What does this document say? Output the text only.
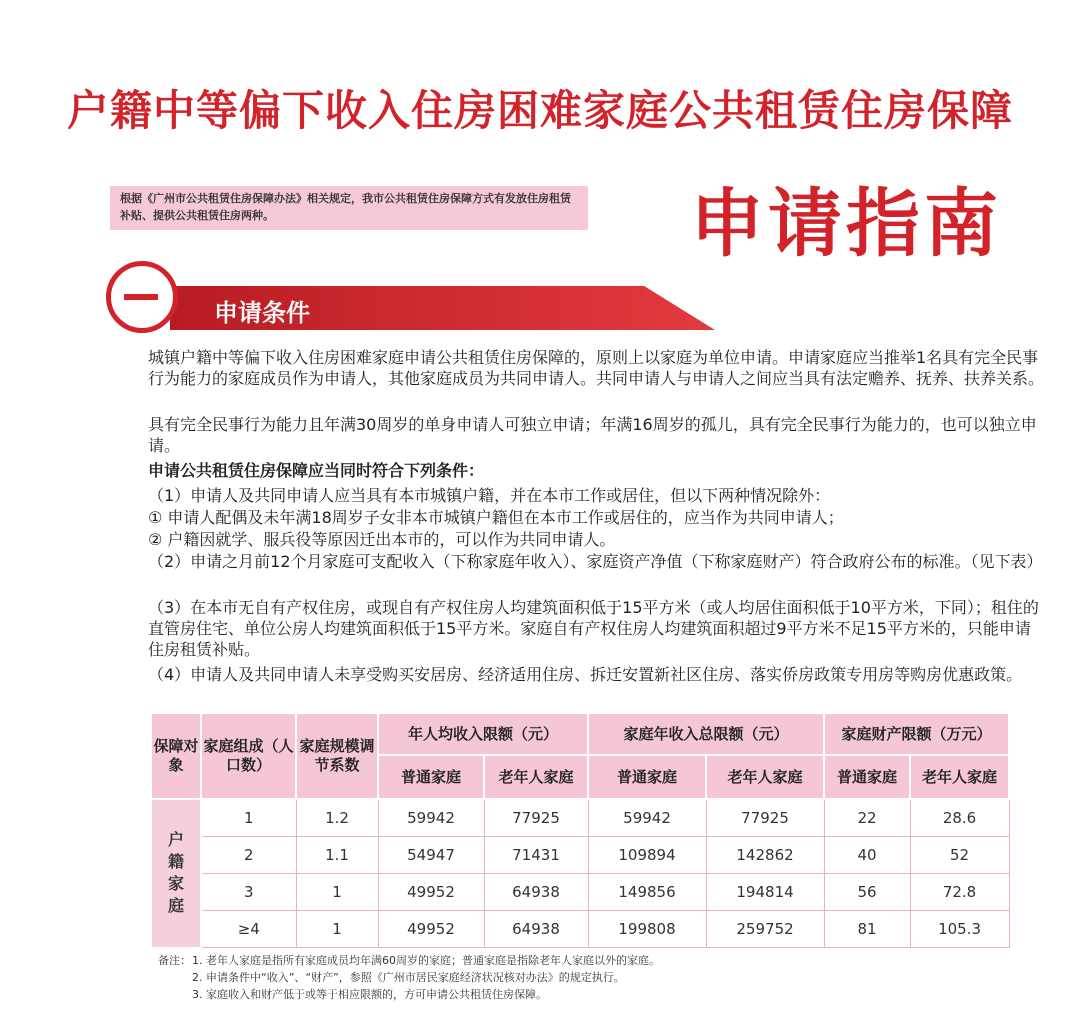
户籍中等偏下收入住房困难家庭公共租赁住房保障
根据《广州市公共租赁住房保障办法》相关规定，我市公共租赁住房保障方式有发放住房租赁补贴、提供公共租赁住房两种。	申请指南
申请条件
城镇户籍中等偏下收入住房困难家庭申请公共租赁住房保障的，原则上以家庭为单位申请。申请家庭应当推举1名具有完全民事行为能力的家庭成员作为申请人，其他家庭成员为共同申请人。共同申请人与申请人之间应当具有法定赡养、抚养、扶养关系。
具有完全民事行为能力且年满30周岁的单身申请人可独立申请；年满16周岁的孤儿，具有完全民事行为能力的，也可以独立申请。
申请公共租赁住房保障应当同时符合下列条件：
（1）申请人及共同申请人应当具有本市城镇户籍，并在本市工作或居住，但以下两种情况除外：
① 申请人配偶及未年满18周岁子女非本市城镇户籍但在本市工作或居住的，应当作为共同申请人；
② 户籍因就学、服兵役等原因迁出本市的，可以作为共同申请人。
（2）申请之月前12个月家庭可支配收入（下称家庭年收入）、家庭资产净值（下称家庭财产）符合政府公布的标准。（见下表）
（3）在本市无自有产权住房，或现自有产权住房人均建筑面积低于15平方米（或人均居住面积低于10平方米，下同）；租住的直管房住宅、单位公房人均建筑面积低于15平方米。家庭自有产权住房人均建筑面积超过9平方米不足15平方米的，只能申请住房租赁补贴。
（4）申请人及共同申请人未享受购买安居房、经济适用住房、拆迁安置新社区住房、落实侨房政策专用房等购房优惠政策。
保障对象	家庭组成（人口数）	家庭规模调节系数	年人均收入限额（元）		家庭年收入总限额（元）		家庭财产限额（万元）	
			普通家庭	老年人家庭	普通家庭	老年人家庭	普通家庭	老年人家庭
户籍家庭	1	1.2	59942	77925	59942	77925	22	28.6
	2	1.1	54947	71431	109894	142862	40	52
	3	1	49952	64938	149856	194814	56	72.8
	≥4	1	49952	64938	199808	259752	81	105.3
备注： 1. 老年人家庭是指所有家庭成员均年满60周岁的家庭；普通家庭是指除老年人家庭以外的家庭。
2. 申请条件中“收入”、“财产”，参照《广州市居民家庭经济状况核对办法》的规定执行。
3. 家庭收入和财产低于或等于相应限额的，方可申请公共租赁住房保障。
